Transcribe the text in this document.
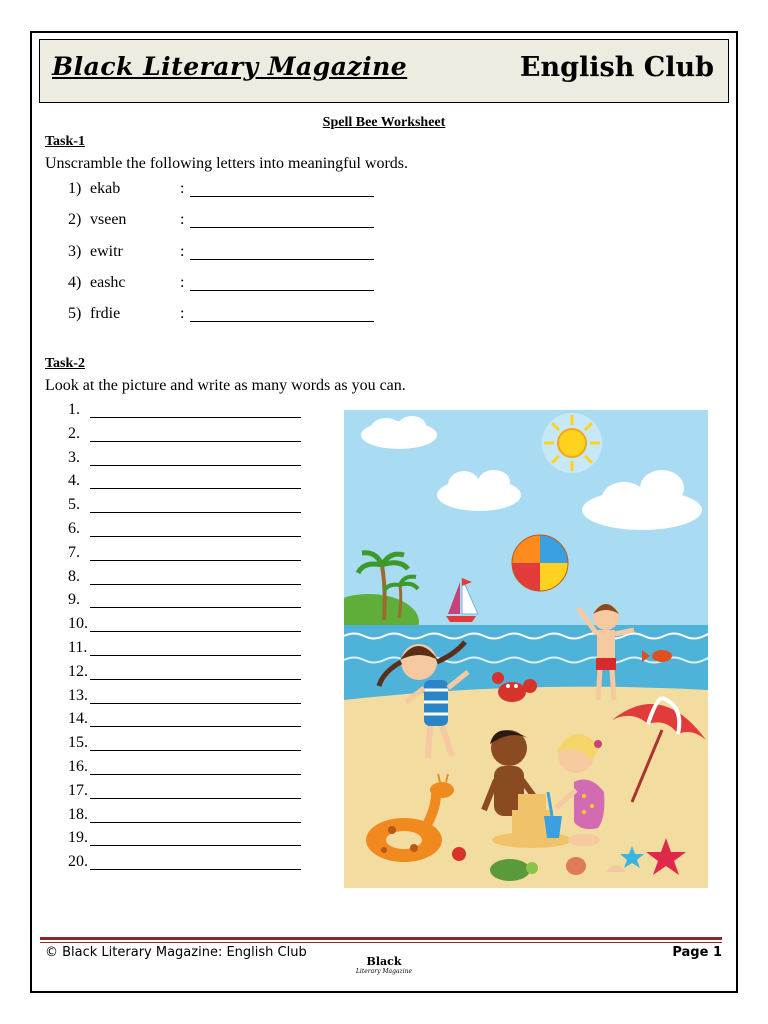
Black Literary Magazine	English Club
Spell Bee Worksheet
Task-1
Unscramble the following letters into meaningful words.
1) ekab	:
2) vseen	:
3) ewitr	:
4) eashc	:
5) frdie	:
Task-2
Look at the picture and write as many words as you can.
1.
2.
3.
4.
5.
6.
7.
8.
9.
10.
11.
12.
13.
14.
15.
16.
17.
18.
19.
20.
© Black Literary Magazine: English Club	Page 1
Black
Literary Magazine
